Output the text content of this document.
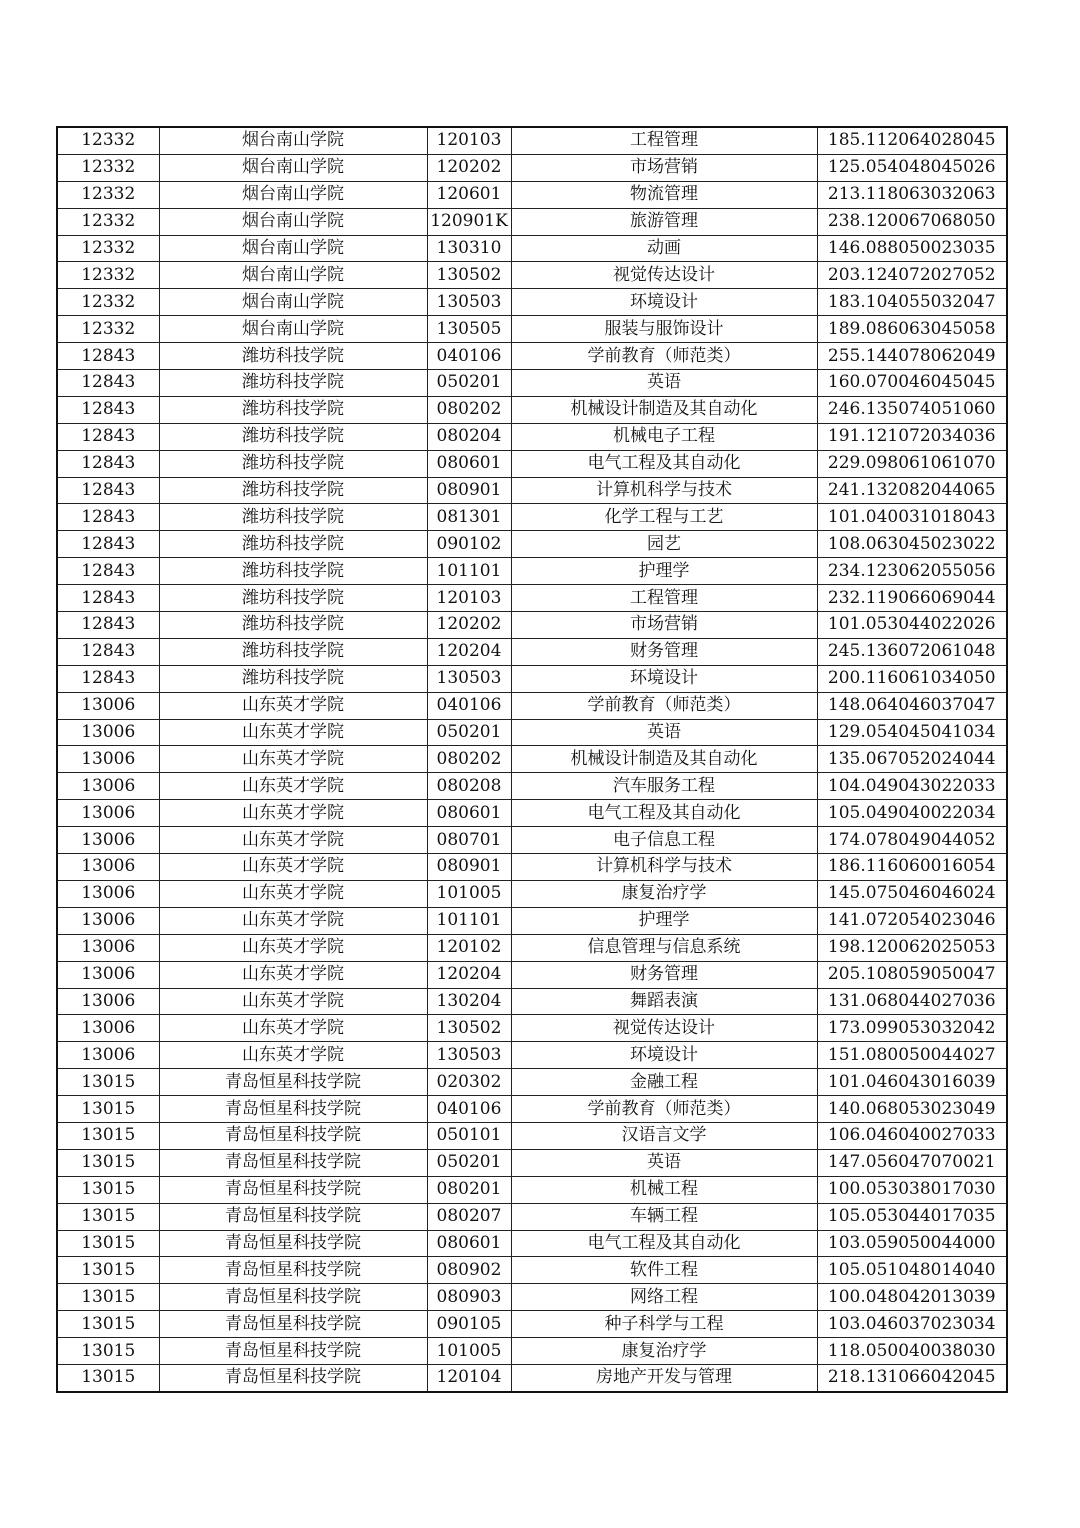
12332	烟台南山学院	120103	工程管理	185.112064028045
12332	烟台南山学院	120202	市场营销	125.054048045026
12332	烟台南山学院	120601	物流管理	213.118063032063
12332	烟台南山学院	120901K	旅游管理	238.120067068050
12332	烟台南山学院	130310	动画	146.088050023035
12332	烟台南山学院	130502	视觉传达设计	203.124072027052
12332	烟台南山学院	130503	环境设计	183.104055032047
12332	烟台南山学院	130505	服装与服饰设计	189.086063045058
12843	潍坊科技学院	040106	学前教育（师范类）	255.144078062049
12843	潍坊科技学院	050201	英语	160.070046045045
12843	潍坊科技学院	080202	机械设计制造及其自动化	246.135074051060
12843	潍坊科技学院	080204	机械电子工程	191.121072034036
12843	潍坊科技学院	080601	电气工程及其自动化	229.098061061070
12843	潍坊科技学院	080901	计算机科学与技术	241.132082044065
12843	潍坊科技学院	081301	化学工程与工艺	101.040031018043
12843	潍坊科技学院	090102	园艺	108.063045023022
12843	潍坊科技学院	101101	护理学	234.123062055056
12843	潍坊科技学院	120103	工程管理	232.119066069044
12843	潍坊科技学院	120202	市场营销	101.053044022026
12843	潍坊科技学院	120204	财务管理	245.136072061048
12843	潍坊科技学院	130503	环境设计	200.116061034050
13006	山东英才学院	040106	学前教育（师范类）	148.064046037047
13006	山东英才学院	050201	英语	129.054045041034
13006	山东英才学院	080202	机械设计制造及其自动化	135.067052024044
13006	山东英才学院	080208	汽车服务工程	104.049043022033
13006	山东英才学院	080601	电气工程及其自动化	105.049040022034
13006	山东英才学院	080701	电子信息工程	174.078049044052
13006	山东英才学院	080901	计算机科学与技术	186.116060016054
13006	山东英才学院	101005	康复治疗学	145.075046046024
13006	山东英才学院	101101	护理学	141.072054023046
13006	山东英才学院	120102	信息管理与信息系统	198.120062025053
13006	山东英才学院	120204	财务管理	205.108059050047
13006	山东英才学院	130204	舞蹈表演	131.068044027036
13006	山东英才学院	130502	视觉传达设计	173.099053032042
13006	山东英才学院	130503	环境设计	151.080050044027
13015	青岛恒星科技学院	020302	金融工程	101.046043016039
13015	青岛恒星科技学院	040106	学前教育（师范类）	140.068053023049
13015	青岛恒星科技学院	050101	汉语言文学	106.046040027033
13015	青岛恒星科技学院	050201	英语	147.056047070021
13015	青岛恒星科技学院	080201	机械工程	100.053038017030
13015	青岛恒星科技学院	080207	车辆工程	105.053044017035
13015	青岛恒星科技学院	080601	电气工程及其自动化	103.059050044000
13015	青岛恒星科技学院	080902	软件工程	105.051048014040
13015	青岛恒星科技学院	080903	网络工程	100.048042013039
13015	青岛恒星科技学院	090105	种子科学与工程	103.046037023034
13015	青岛恒星科技学院	101005	康复治疗学	118.050040038030
13015	青岛恒星科技学院	120104	房地产开发与管理	218.131066042045
